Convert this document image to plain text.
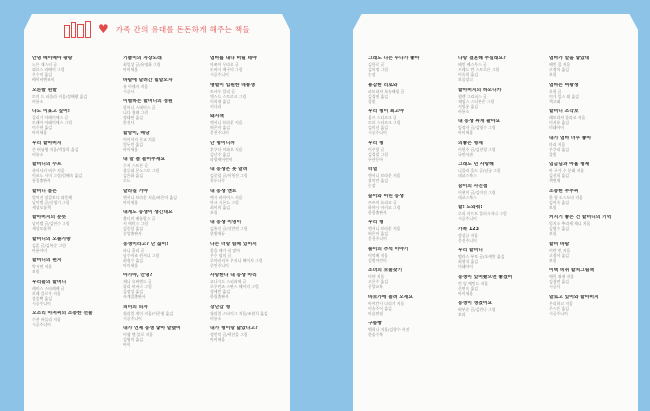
♥ 가족 간의 유대를 돈돈하게 해주는 책들
안녕 베이베아 팡팡
노튼 재스터 글
뢰르스 라베이 그림
우수미 옮김
베이비엔조이
오른발 왼발
토미 드 파울라 지음/정해왕 옮김
비룡소
나도 이표고 싶어!
질리기 아레이에스 글
토레아 아래이에스 그림
이수연 옮김
아이세움
우리 할아버지
존 버닝햄 지음/박상희 옮김
비룡소
할머니의 수프
쥬미사키 버주 지음
이즈노 시미 그림/엄혜숙 옮김
통일출판사
할머니 품은
벌어진 장갑보다 따뜻해
납이엘 글/신생기 그림
세상모톨책
할아버지의 분뜻
납이엘 글/김연수 그림
세상모톨책
할머니의 오솔가방
김훈 글/김복순 그림
아툰아이
할머니의 편지
박시연 지음
보림
우리들의 할머니
레이스 스타레베 글
브레 플로우 지음
강종택 옮김
시공주니어
오소리 아저씨의 소중한 선물
수잔 바들리 지음
시공주니어
기쁨이의 자장노래
최일상 글/유명화 그림
아이세움
바람에 날려간 힐말모자
유 이애자 지음
시공사
이별하는 할머니의 정원
할머니 스테이스 글
니다 퀼레 그림
정태연 옮김
한진사
할망이, 배낭
이이자지 몬교 지음
엄두빈 옮김
아이세움
내 말 좀 들어주세요
수지 스트론 글
쥴루네 몬노스토 그림
김은화 옮김
로드
달라질 거야
앤서니 브라운 지음/허은미 옮김
아이세움
내게도 동생이 생긴대요
출디미 배롤랑스 글
서 에미스 그림
김종섭 옮김
중앙출판사
동생이라고? 난 싫어!
파니 홀리 글
남수어즈 윈서니 그림
최정수 옮김
아이세움
아가야, 안녕?
제니 오버렌드 글
줄리 비바스 그림
김장성 옮김
사계절출판사
피미의 피자
윌리엄 게이 지음/이은영 옮김
시공주니어
내가 언제 동생 낳아 달랬어
미셸 엔 블로 지음
김영미 옮김
아이
엄마를 내다 버릴 테야
마쯔이 무라오 글
도바시 메구미 그림
시공주니어
맹렬이 입원한 네통생
트샤우 일리 글
앤스드 스토르크 그림
이희재 옮김
키다리
돼지책
앤서니 브라운 지음
허은미 옮김
웅진주니어
난 형이니까
후쿠다 이와오 지음
김난주 옮김
파랑새어린이
내 동생은 못 말려
김중렬 글/이형진 그림
꼭두나무
내 동생 앤트
벳시 바이어스 지음
마크 시몬드 그림
최이희 옮김
보림
내 동생 이영이
김흥신 글/신민연 그림
한빛에듀
나는 너랑 함께 있어서
좋을 때가 더 많아
우수 필의 글
로마라지츠 우지니 헤어지 그림
중인주니어
사랑한다 내 동생 아리
코나시드 스피리에 글
로우린즈 스판스 헤어지 그림
정세빈 옮김
한림출판사
장난감 형
윌리엄 스타이그 지음/조원식 옮김
비룡소
내가 형이랑 닮았다고?
정인덕 글/곽선을 그림
아이세움
그래도 나는 누나가 좋아
김한로 글
김미정 그림
논장
용감한 리로와
파트리샤 보슈헤링 글
김경연 옮김
풀빛
우리 형이 최고야
울프 스타르크 글
토브 스타르크 그림
김미선 옮김
시공주니어
우리 형
이주랑 글
김경렬 그림
두산동아
터널
앤서니 브라운 지음
장미란 옮김
논장
숲이와 어린 동생
쓰쓰이 요리코 글
하야시 아키코 그림
한림출판사
우리 형
엔서니 브라운 지음
허은미 옮김
웅진주니어
솔이의 추석 이야기
이억배 지음
길벗어린이
소녀의 보물찾기
미야 지음
고은주 옮김
중앙교육
바보가에 놀려 오세요
아이칸시 나리기 지음
이슈주이 옮김
마술연필
구름빵
백희나 지음/김향수 사진
한솔수북
나랑 결혼해 주실래요?
배빈 베스투스 글
프레드 반 스토로른 그림
이숙희 옮김
보물창고
할아버지의 하모니카
헬렌 그리피스 글
제임스 스티븐슨 그림
서빌롱 옮김
비룡소
내 동생 싸게 팔아요
임정자 글/김영수 그림
아이세움
의좋은 형제
이현주 글/김천정 그림
국민서관
그래도 넌 사랑해
니콜라 올드 글/남궁 그림
데코스북스
꿈이의 사진첩
이현미 글/김이진 그림
데코스북스
할! 도와줘!
로리 키프트 플러시지나 그림
시공주니어
가족 123
정상규 지음
웅진주니어
우리 할머니
벨라스 부트 글/오캐만 옮김
최형석 옮김
미래아이
동생이 있어봤으면 좋겠어
린 밍 예민드 지음
신연숙 옮김
아이세움
동생이 생겼어요
허부순 글/김빈나 그림
보리
엄마가 알을 낳았대
배빈 콜 지음
고정아 옮김
보림
엄마는 여왕생
오형 글
미가 일스 외 옮김
책고래
할머니 조각보
패트리샤 폴라코 지음
이지유 옮김
미래아이
내가 엄마 너무 좋아
마리 지음
우쿠리 옮김
풀빛
임금님과 아홉 형제
아 구가 수 분래 지음
김선희 옮김
책연재
소중한 주주씨
한 영 도스도타 지음
김이숙 옮김
보림
커지기 좋은 건 할머니의 기억
엄지소 추리세 제니 지음
김영수 옮김
보림
할머 바람
이란 빈 지음
고정아 옮김
보림
이텍 비쥐 할처그림책
에릭 쥐제 지음
김경연 옮김
시공사
말로고 있어와 할아버지
우리하고 지음
주스튼 옮김
시공주니어
